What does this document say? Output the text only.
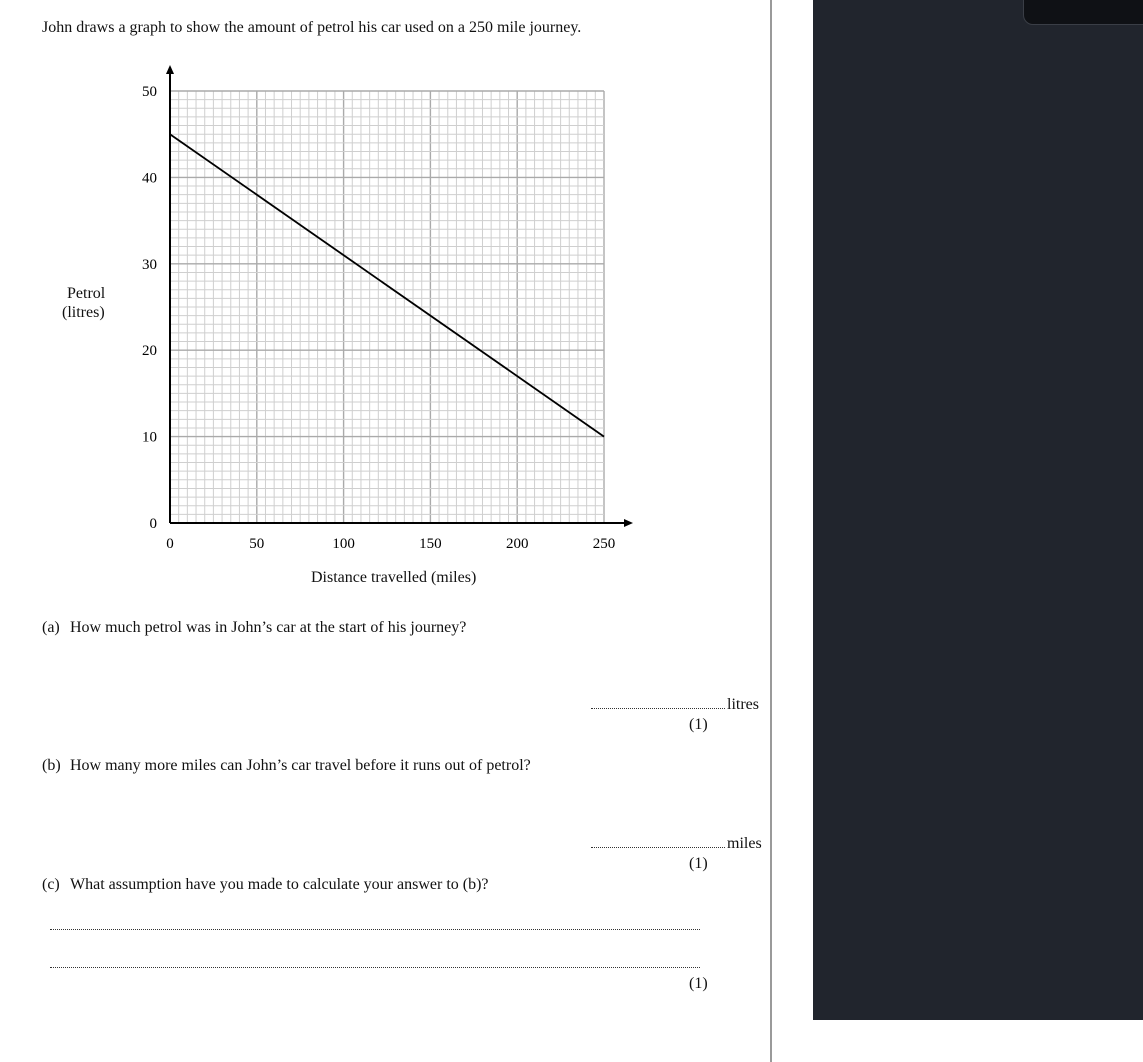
John draws a graph to show the amount of petrol his car used on a 250 mile journey.
0	50	100	150	200	250
0
10
20
30
40
50
Petrol
(litres)
Distance travelled (miles)
(a) How much petrol was in John’s car at the start of his journey?
litres
(1)
(b) How many more miles can John’s car travel before it runs out of petrol?
miles
(1)
(c) What assumption have you made to calculate your answer to (b)?
(1)
